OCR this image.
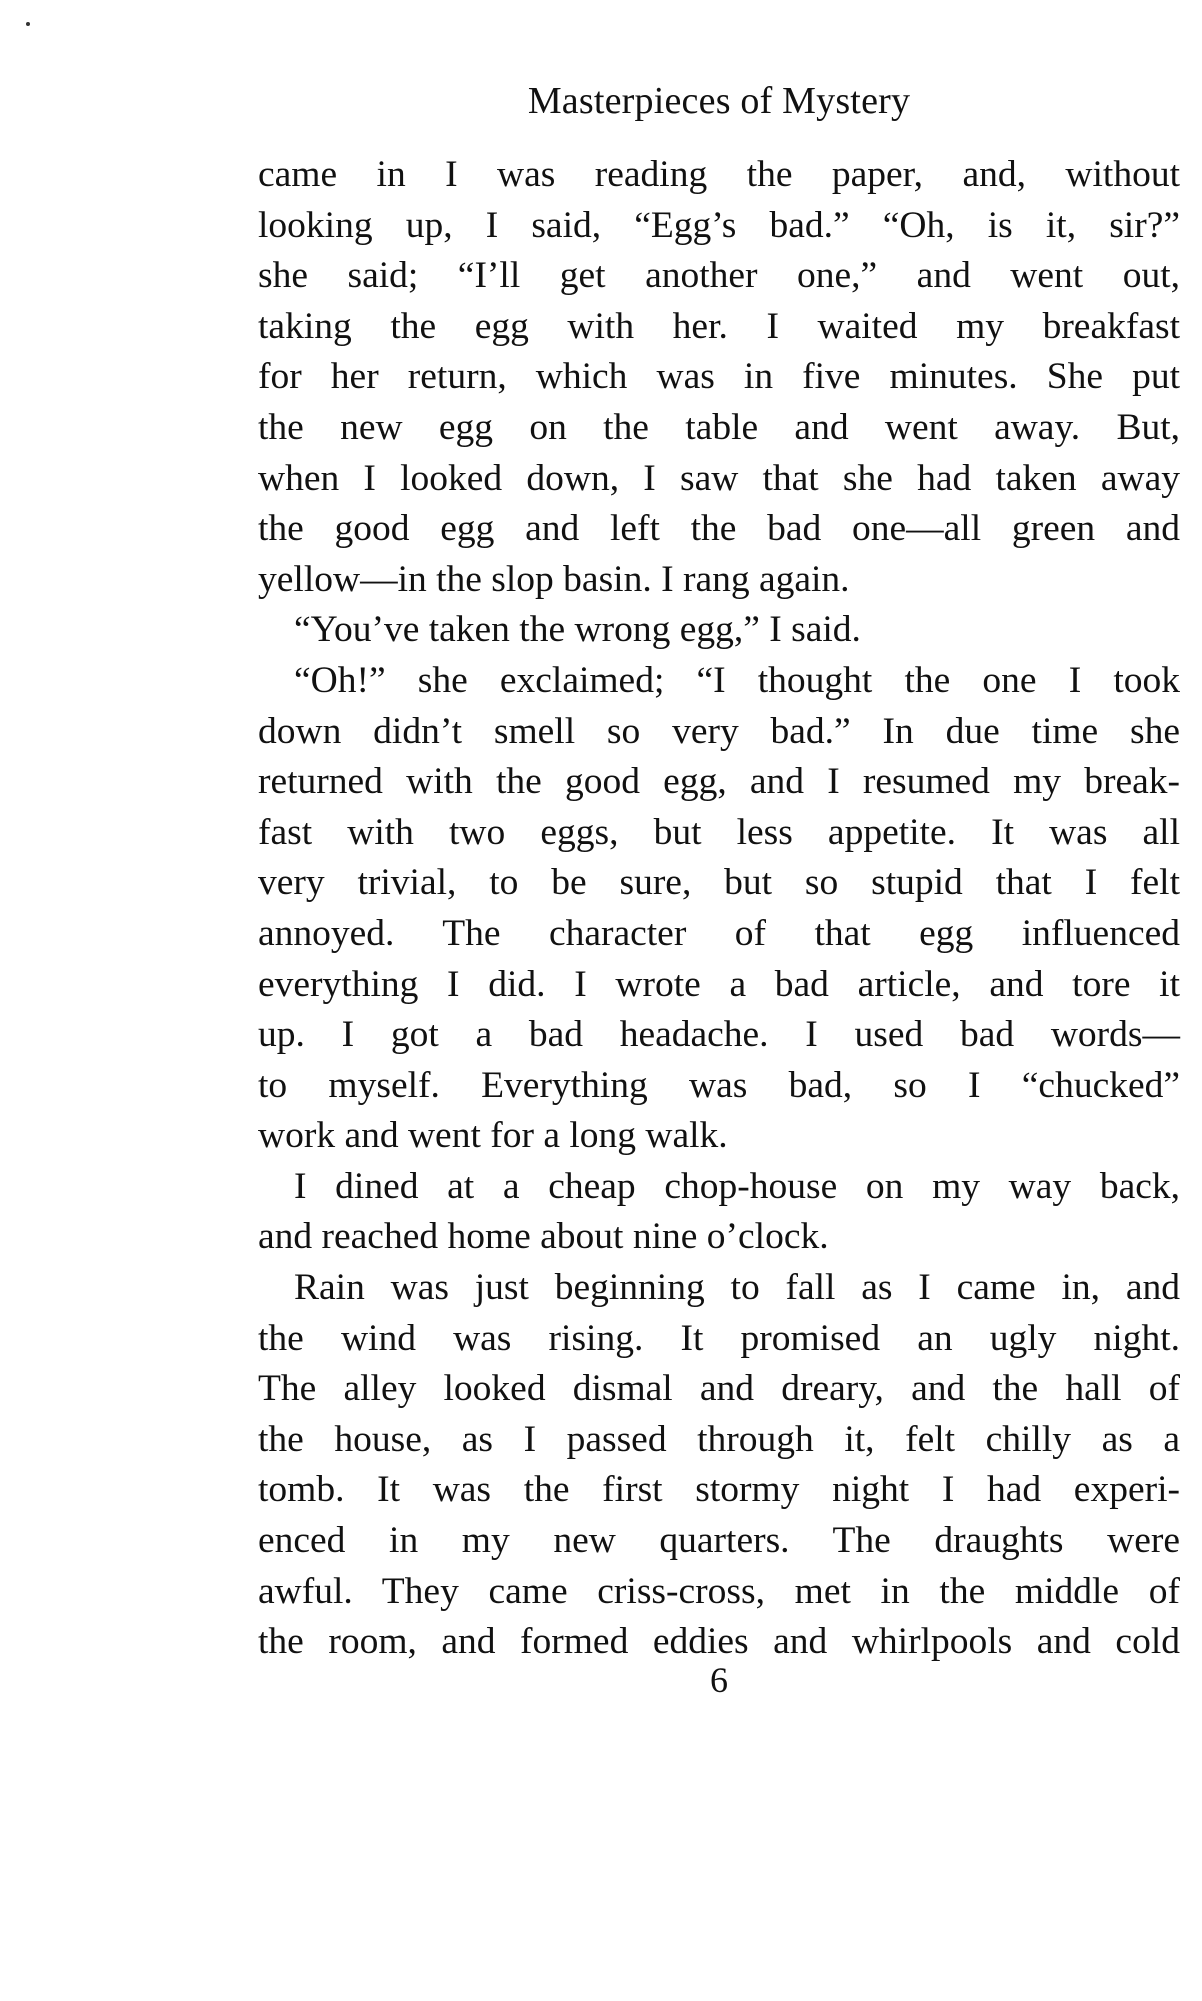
Masterpieces of Mystery
came in I was reading the paper, and, without
looking up, I said, “Egg’s bad.” “Oh, is it, sir?”
she said; “I’ll get another one,” and went out,
taking the egg with her. I waited my breakfast
for her return, which was in five minutes. She put
the new egg on the table and went away. But,
when I looked down, I saw that she had taken away
the good egg and left the bad one—all green and
yellow—in the slop basin. I rang again.
“You’ve taken the wrong egg,” I said.
“Oh!” she exclaimed; “I thought the one I took
down didn’t smell so very bad.” In due time she
returned with the good egg, and I resumed my break-
fast with two eggs, but less appetite. It was all
very trivial, to be sure, but so stupid that I felt
annoyed. The character of that egg influenced
everything I did. I wrote a bad article, and tore it
up. I got a bad headache. I used bad words—
to myself. Everything was bad, so I “chucked”
work and went for a long walk.
I dined at a cheap chop-house on my way back,
and reached home about nine o’clock.
Rain was just beginning to fall as I came in, and
the wind was rising. It promised an ugly night.
The alley looked dismal and dreary, and the hall of
the house, as I passed through it, felt chilly as a
tomb. It was the first stormy night I had experi-
enced in my new quarters. The draughts were
awful. They came criss-cross, met in the middle of
the room, and formed eddies and whirlpools and cold
6
